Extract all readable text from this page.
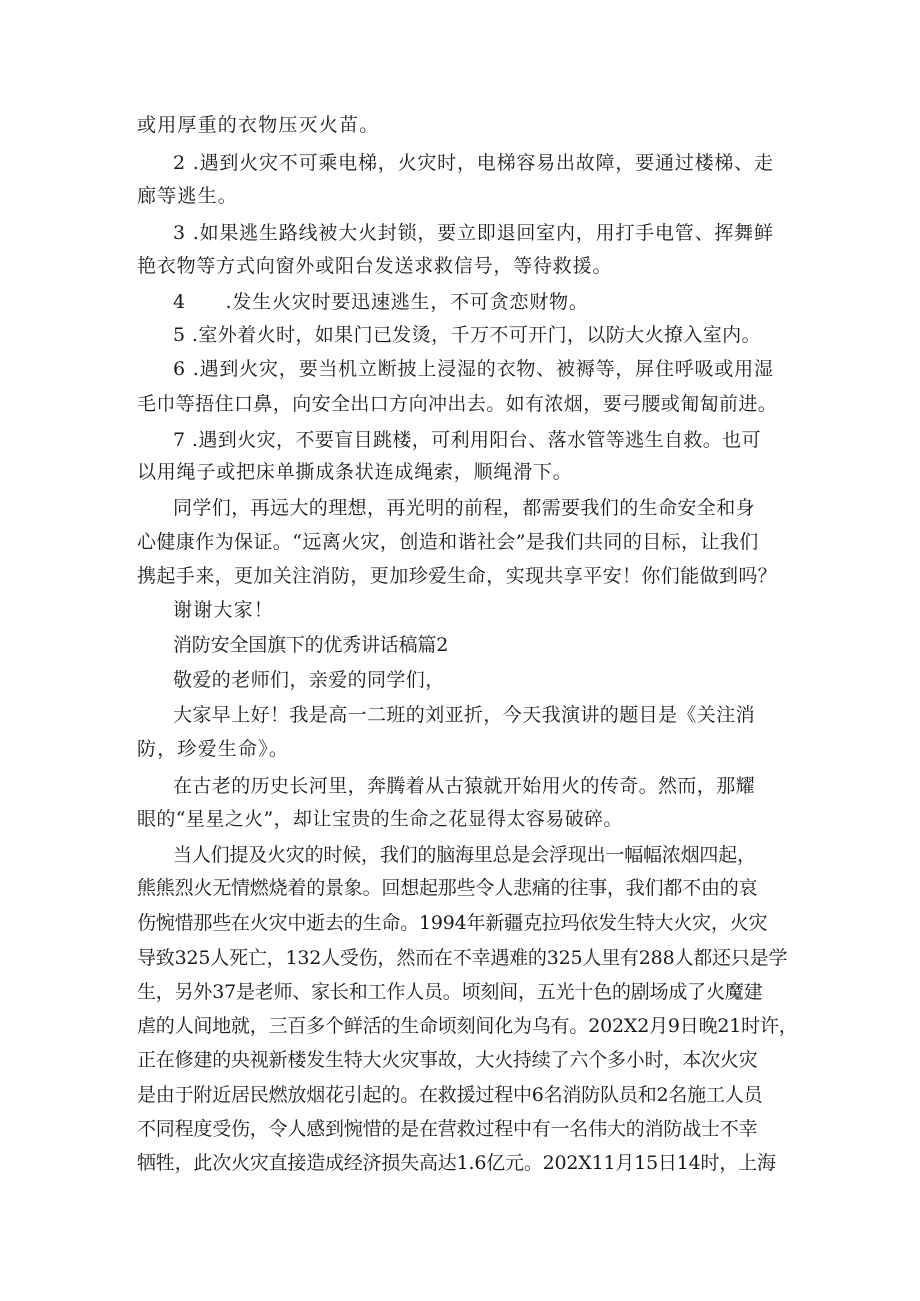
或用厚重的衣物压灭火苗。
2 .遇到火灾不可乘电梯，火灾时，电梯容易出故障，要通过楼梯、走
廊等逃生。
3 .如果逃生路线被大火封锁，要立即退回室内，用打手电管、挥舞鲜
艳衣物等方式向窗外或阳台发送求救信号，等待救援。
4　　.发生火灾时要迅速逃生，不可贪恋财物。
5 .室外着火时，如果门已发烫，千万不可开门，以防大火撩入室内。
6 .遇到火灾，要当机立断披上浸湿的衣物、被褥等，屏住呼吸或用湿
毛巾等捂住口鼻，向安全出口方向冲出去。如有浓烟，要弓腰或匍匐前进。
7 .遇到火灾，不要盲目跳楼，可利用阳台、落水管等逃生自救。也可
以用绳子或把床单撕成条状连成绳索，顺绳滑下。
同学们，再远大的理想，再光明的前程，都需要我们的生命安全和身
心健康作为保证。“远离火灾，创造和谐社会”是我们共同的目标，让我们
携起手来，更加关注消防，更加珍爱生命，实现共享平安！你们能做到吗？
谢谢大家！
消防安全国旗下的优秀讲话稿篇2
敬爱的老师们，亲爱的同学们，
大家早上好！我是高一二班的刘亚折，今天我演讲的题目是《关注消
防，珍爱生命》。
在古老的历史长河里，奔腾着从古猿就开始用火的传奇。然而，那耀
眼的“星星之火”，却让宝贵的生命之花显得太容易破碎。
当人们提及火灾的时候，我们的脑海里总是会浮现出一幅幅浓烟四起，
熊熊烈火无情燃烧着的景象。回想起那些令人悲痛的往事，我们都不由的哀
伤惋惜那些在火灾中逝去的生命。1994年新疆克拉玛依发生特大火灾，火灾
导致325人死亡，132人受伤，然而在不幸遇难的325人里有288人都还只是学
生，另外37是老师、家长和工作人员。顷刻间，五光十色的剧场成了火魔建
虐的人间地就，三百多个鲜活的生命顷刻间化为乌有。202X2月9日晚21时许，
正在修建的央视新楼发生特大火灾事故，大火持续了六个多小时，本次火灾
是由于附近居民燃放烟花引起的。在救援过程中6名消防队员和2名施工人员
不同程度受伤，令人感到惋惜的是在营救过程中有一名伟大的消防战士不幸
牺牲，此次火灾直接造成经济损失高达1.6亿元。202X11月15日14时，上海
